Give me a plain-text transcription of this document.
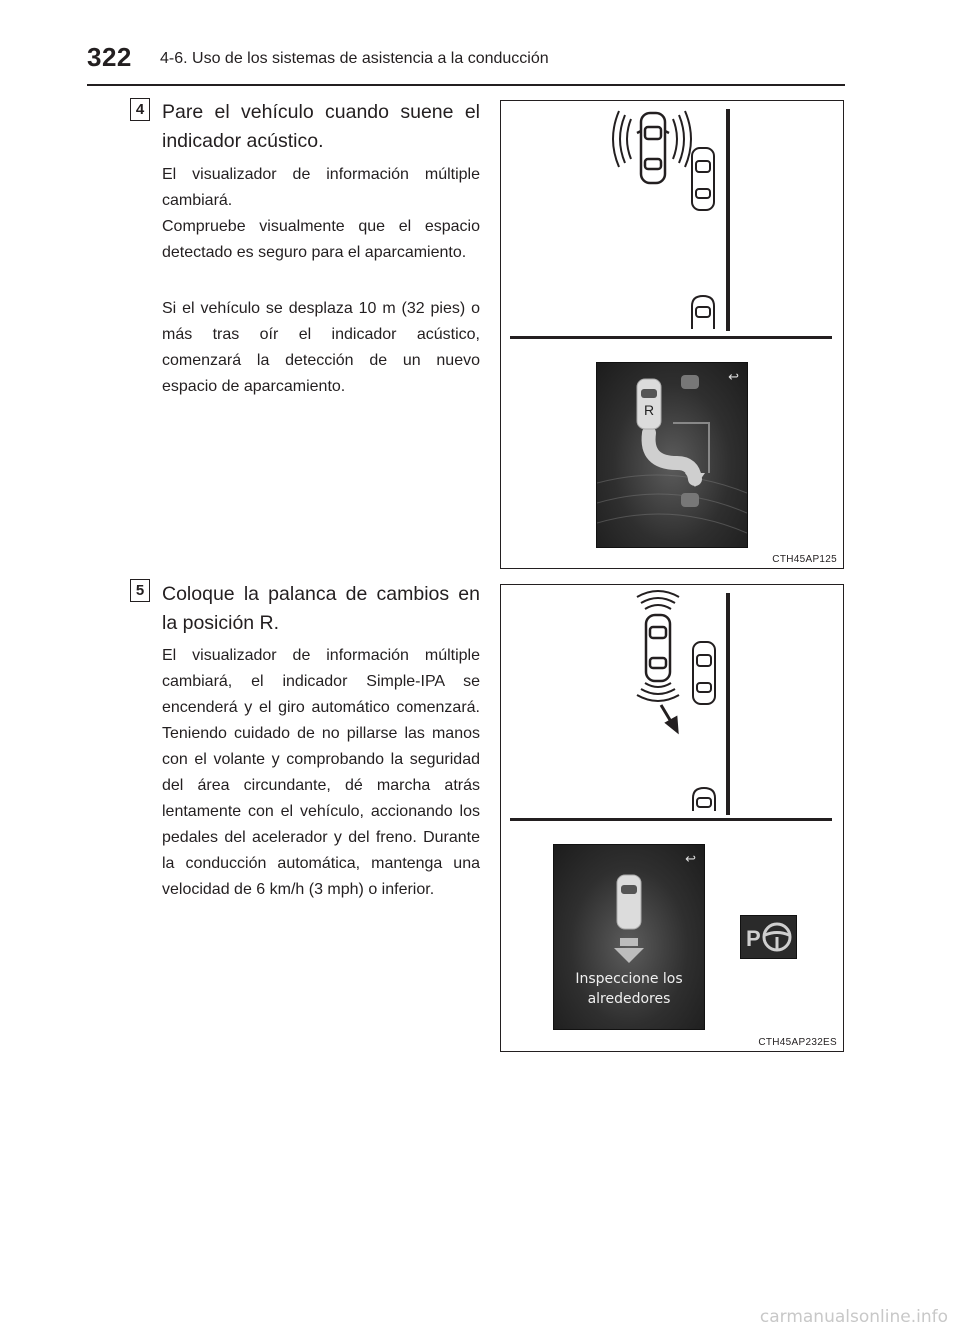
322 4-6. Uso de los sistemas de asistencia a la conducción
4 Pare el vehículo cuando suene el indicador acústico.

El visualizador de información múltiple cambiará.

Compruebe visualmente que el espacio detectado es seguro para el aparcamiento.

Si el vehículo se desplaza 10 m (32 pies) o más tras oír el indicador acústico, comenzará la detección de un nuevo espacio de aparcamiento.

↩
R
CTH45AP125
5 Coloque la palanca de cambios en la posición R.

El visualizador de información múltiple cambiará, el indicador Simple-IPA se encenderá y el giro automático comenzará. Teniendo cuidado de no pillarse las manos con el volante y comprobando la seguridad del área circundante, dé marcha atrás lentamente con el vehículo, accionando los pedales del acelerador y del freno. Durante la conducción automática, mantenga una velocidad de 6 km/h (3 mph) o inferior.

↩
Inspeccione los
alrededores
P
CTH45AP232ES
carmanualsonline.info
